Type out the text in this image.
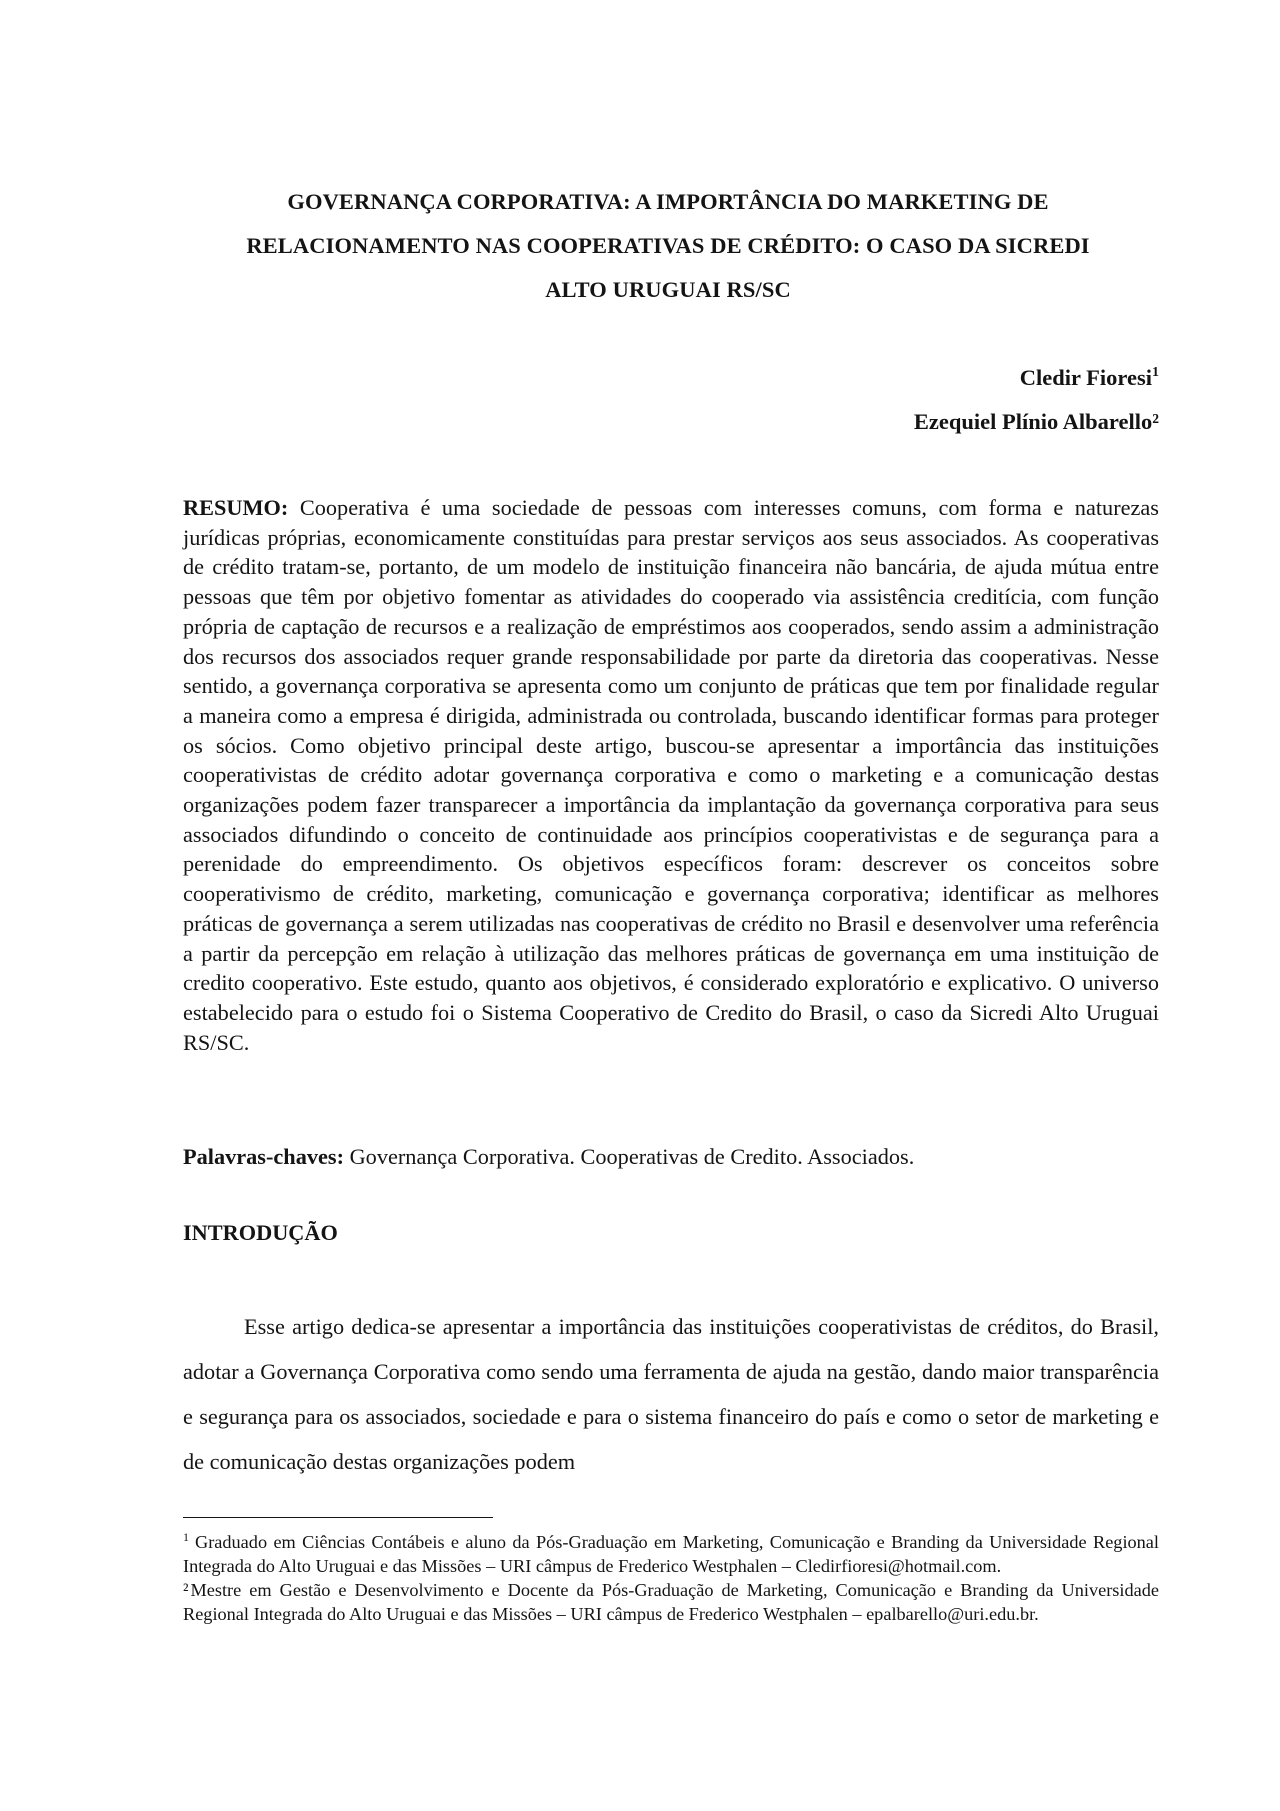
GOVERNANÇA CORPORATIVA: A IMPORTÂNCIA DO MARKETING DE
RELACIONAMENTO NAS COOPERATIVAS DE CRÉDITO: O CASO DA SICREDI
ALTO URUGUAI RS/SC
Cledir Fioresi$^1$
Ezequiel Plínio Albarello²
RESUMO: Cooperativa é uma sociedade de pessoas com interesses comuns, com forma e naturezas jurídicas próprias, economicamente constituídas para prestar serviços aos seus associados. As cooperativas de crédito tratam-se, portanto, de um modelo de instituição financeira não bancária, de ajuda mútua entre pessoas que têm por objetivo fomentar as atividades do cooperado via assistência creditícia, com função própria de captação de recursos e a realização de empréstimos aos cooperados, sendo assim a administração dos recursos dos associados requer grande responsabilidade por parte da diretoria das cooperativas. Nesse sentido, a governança corporativa se apresenta como um conjunto de práticas que tem por finalidade regular a maneira como a empresa é dirigida, administrada ou controlada, buscando identificar formas para proteger os sócios. Como objetivo principal deste artigo, buscou-se apresentar a importância das instituições cooperativistas de crédito adotar governança corporativa e como o marketing e a comunicação destas organizações podem fazer transparecer a importância da implantação da governança corporativa para seus associados difundindo o conceito de continuidade aos princípios cooperativistas e de segurança para a perenidade do empreendimento. Os objetivos específicos foram: descrever os conceitos sobre cooperativismo de crédito, marketing, comunicação e governança corporativa; identificar as melhores práticas de governança a serem utilizadas nas cooperativas de crédito no Brasil e desenvolver uma referência a partir da percepção em relação à utilização das melhores práticas de governança em uma instituição de credito cooperativo. Este estudo, quanto aos objetivos, é considerado exploratório e explicativo. O universo estabelecido para o estudo foi o Sistema Cooperativo de Credito do Brasil, o caso da Sicredi Alto Uruguai RS/SC.
Palavras-chaves: Governança Corporativa. Cooperativas de Credito. Associados.
INTRODUÇÃO

Esse artigo dedica-se apresentar a importância das instituições cooperativistas de créditos, do Brasil, adotar a Governança Corporativa como sendo uma ferramenta de ajuda na gestão, dando maior transparência e segurança para os associados, sociedade e para o sistema financeiro do país e como o setor de marketing e de comunicação destas organizações podem

$^1$ Graduado em Ciências Contábeis e aluno da Pós-Graduação em Marketing, Comunicação e Branding da Universidade Regional Integrada do Alto Uruguai e das Missões – URI câmpus de Frederico Westphalen – Cledirfioresi@hotmail.com.

² Mestre em Gestão e Desenvolvimento e Docente da Pós-Graduação de Marketing, Comunicação e Branding da Universidade Regional Integrada do Alto Uruguai e das Missões – URI câmpus de Frederico Westphalen – epalbarello@uri.edu.br.
